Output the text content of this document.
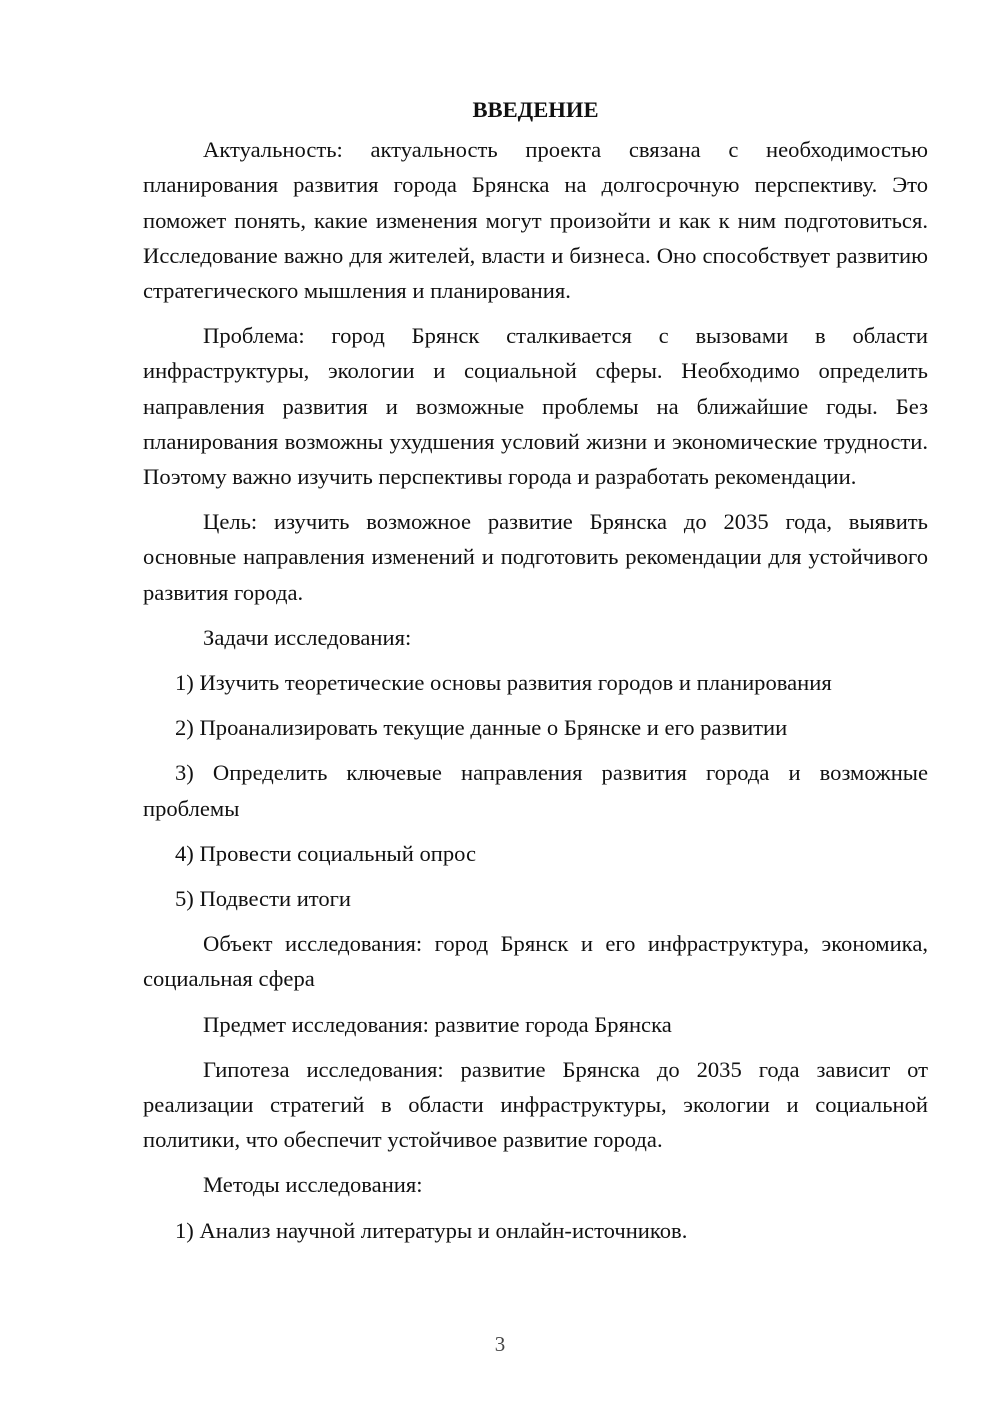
ВВЕДЕНИЕ

Актуальность: актуальность проекта связана с необходимостью планирования развития города Брянска на долгосрочную перспективу. Это поможет понять, какие изменения могут произойти и как к ним подготовиться. Исследование важно для жителей, власти и бизнеса. Оно способствует развитию стратегического мышления и планирования.

Проблема: город Брянск сталкивается с вызовами в области инфраструктуры, экологии и социальной сферы. Необходимо определить направления развития и возможные проблемы на ближайшие годы. Без планирования возможны ухудшения условий жизни и экономические трудности. Поэтому важно изучить перспективы города и разработать рекомендации.

Цель: изучить возможное развитие Брянска до 2035 года, выявить основные направления изменений и подготовить рекомендации для устойчивого развития города.

Задачи исследования:

1) Изучить теоретические основы развития городов и планирования

2) Проанализировать текущие данные о Брянске и его развитии

3) Определить ключевые направления развития города и возможные проблемы

4) Провести социальный опрос

5) Подвести итоги

Объект исследования: город Брянск и его инфраструктура, экономика, социальная сфера

Предмет исследования: развитие города Брянска

Гипотеза исследования: развитие Брянска до 2035 года зависит от реализации стратегий в области инфраструктуры, экологии и социальной политики, что обеспечит устойчивое развитие города.

Методы исследования:

1) Анализ научной литературы и онлайн-источников.

3
